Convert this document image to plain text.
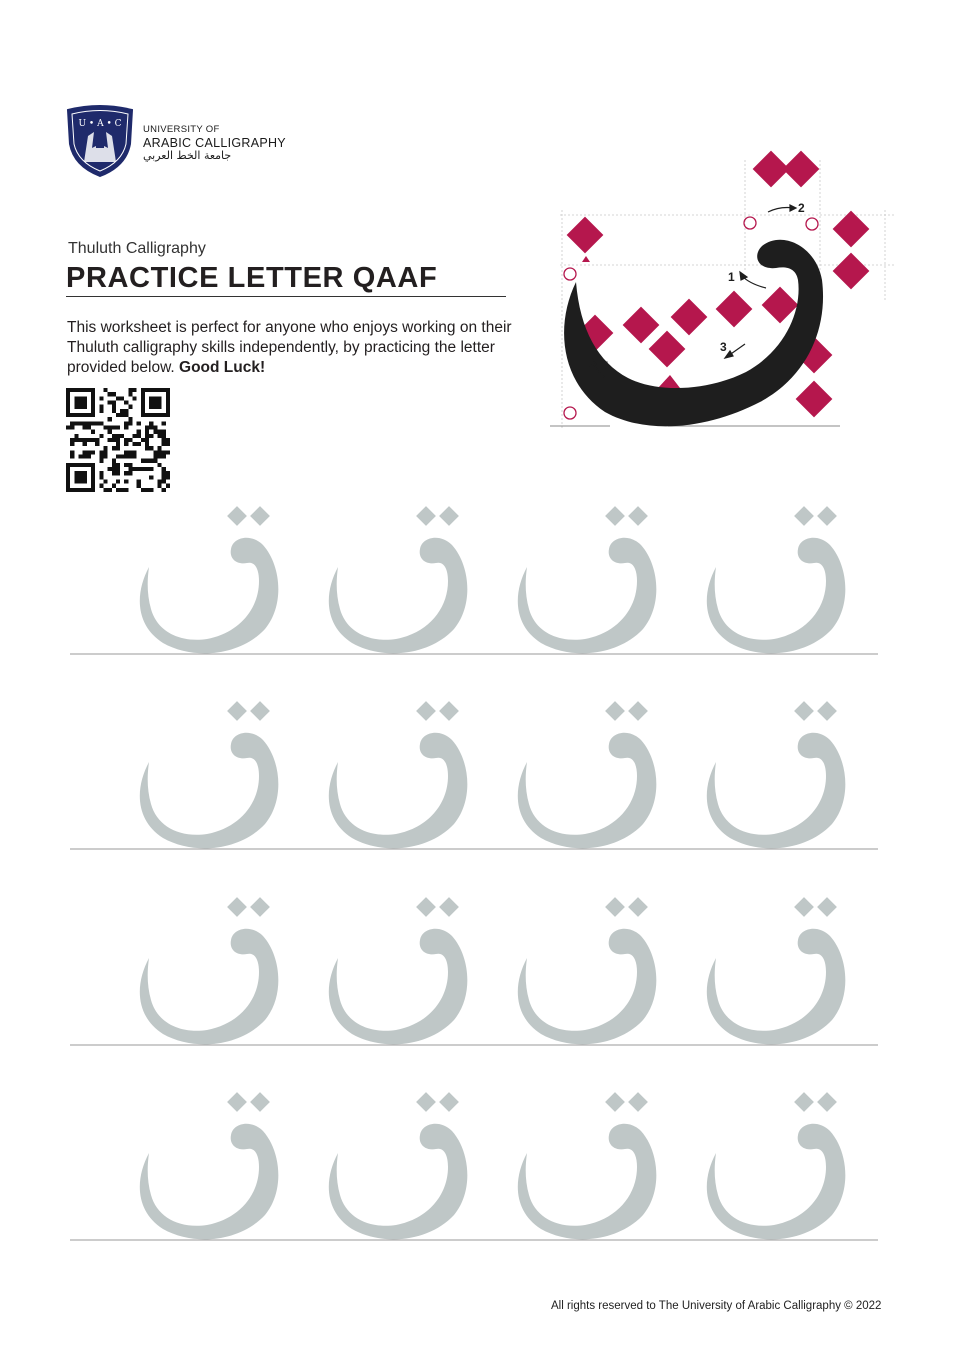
U • A • C UNIVERSITY OF
ARABIC CALLIGRAPHY
جامعة الخط العربي
Thuluth Calligraphy
PRACTICE LETTER QAAF
This worksheet is perfect for anyone who enjoys working on their Thuluth calligraphy skills independently, by practicing the letter provided below. Good Luck!
1
2
3
4
All rights reserved to The University of Arabic Calligraphy © 2022
